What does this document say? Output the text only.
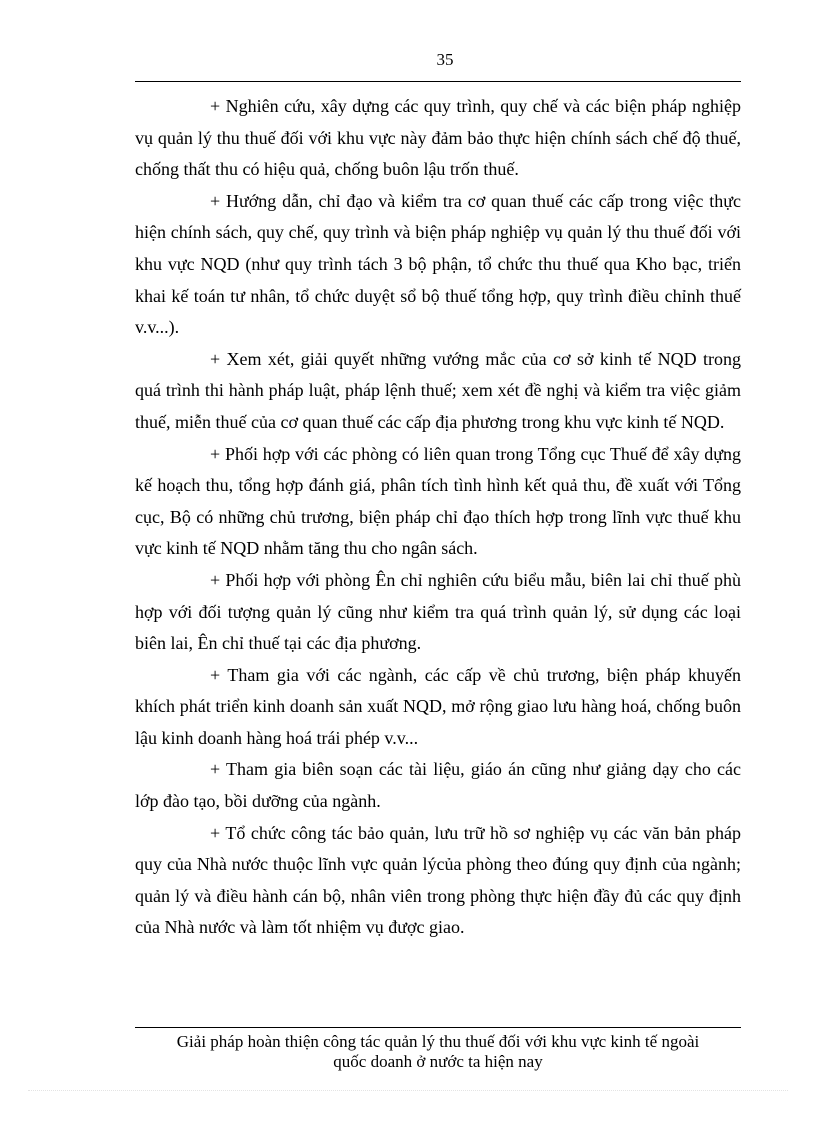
35

+ Nghiên cứu, xây dựng các quy trình, quy chế và các biện pháp nghiệp vụ quản lý thu thuế đối với khu vực này đảm bảo thực hiện chính sách chế độ thuế, chống thất thu có hiệu quả, chống buôn lậu trốn thuế.

+ Hướng dẫn, chỉ đạo và kiểm tra cơ quan thuế các cấp trong việc thực hiện chính sách, quy chế, quy trình và biện pháp nghiệp vụ quản lý thu thuế đối với khu vực NQD (như quy trình tách 3 bộ phận, tổ chức thu thuế qua Kho bạc, triển khai kế toán tư nhân, tổ chức duyệt sổ bộ thuế tổng hợp, quy trình điều chỉnh thuế v.v...).

+ Xem xét, giải quyết những vướng mắc của cơ sở kinh tế NQD trong quá trình thi hành pháp luật, pháp lệnh thuế; xem xét đề nghị và kiểm tra việc giảm thuế, miễn thuế của cơ quan thuế các cấp địa phương trong khu vực kinh tế NQD.

+ Phối hợp với các phòng có liên quan trong Tổng cục Thuế để xây dựng kế hoạch thu, tổng hợp đánh giá, phân tích tình hình kết quả thu, đề xuất với Tổng cục, Bộ có những chủ trương, biện pháp chỉ đạo thích hợp trong lĩnh vực thuế khu vực kinh tế NQD nhằm tăng thu cho ngân sách.

+ Phối hợp với phòng Ên chỉ nghiên cứu biểu mẫu, biên lai chỉ thuế phù hợp với đối tượng quản lý cũng như kiểm tra quá trình quản lý, sử dụng các loại biên lai, Ên chỉ thuế tại các địa phương.

+ Tham gia với các ngành, các cấp về chủ trương, biện pháp khuyến khích phát triển kinh doanh sản xuất NQD, mở rộng giao lưu hàng hoá, chống buôn lậu kinh doanh hàng hoá trái phép v.v...

+ Tham gia biên soạn các tài liệu, giáo án cũng như giảng dạy cho các lớp đào tạo, bồi dưỡng của ngành.

+ Tổ chức công tác bảo quản, lưu trữ hồ sơ nghiệp vụ các văn bản pháp quy của Nhà nước thuộc lĩnh vực quản lýcủa phòng theo đúng quy định của ngành; quản lý và điều hành cán bộ, nhân viên trong phòng thực hiện đầy đủ các quy định của Nhà nước và làm tốt nhiệm vụ được giao.

Giải pháp hoàn thiện công tác quản lý thu thuế đối với khu vực kinh tế ngoài
quốc doanh ở nước ta hiện nay
